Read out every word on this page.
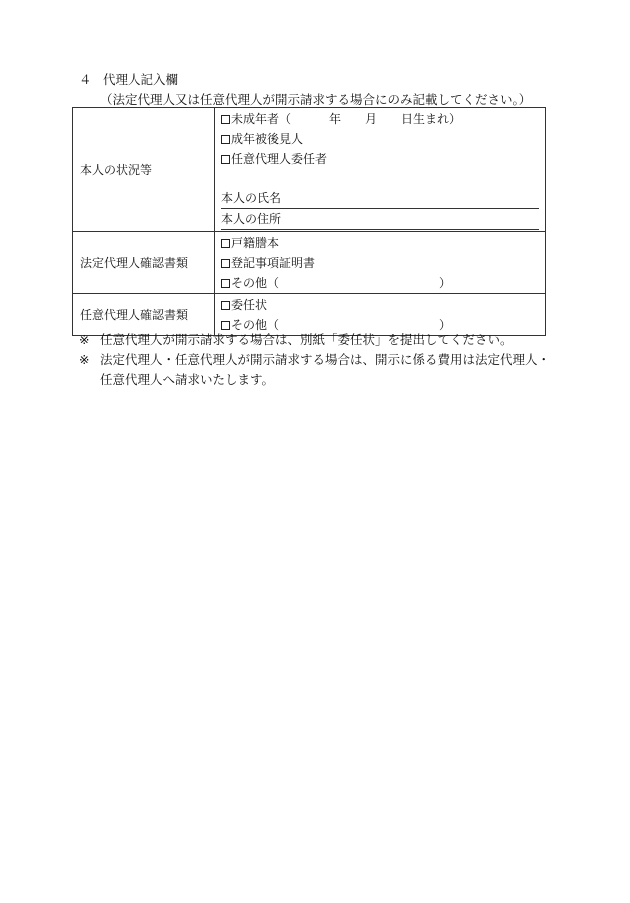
４ 代理人記入欄
（法定代理人又は任意代理人が開示請求する場合にのみ記載してください。）
本人の状況等	未成年者（ 年 月 日生まれ）
成年被後見人
任意代理人委任者
本人の氏名
本人の住所

法定代理人確認書類	戸籍謄本
登記事項証明書
その他（ ）

任意代理人確認書類	委任状
その他（ ）
※ 任意代理人が開示請求する場合は、別紙「委任状」を提出してください。
※ 法定代理人・任意代理人が開示請求する場合は、開示に係る費用は法定代理人・任意代理人へ請求いたします。
